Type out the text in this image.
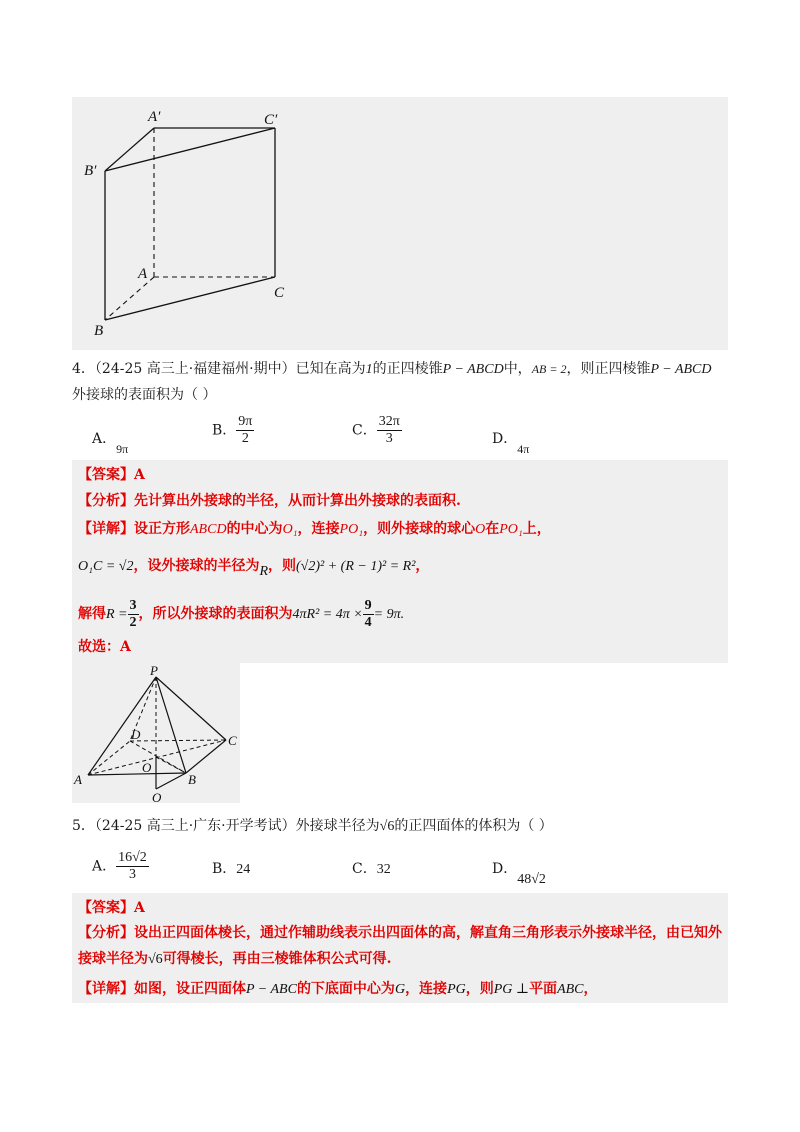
A′	C′
B′
A
C
B
4．（24-25 高三上·福建福州·期中）已知在高为1的正四棱锥P − ABCD中，AB = 2，则正四棱锥P − ABCD
外接球的表面积为（ ）
A．9π
B． $\frac{9\pi}{2}$	C． $\frac{32\pi}{3}$	D．4π
【答案】A
【分析】先计算出外接球的半径，从而计算出外接球的表面积.
【详解】设正方形ABCD的中心为O₁，连接PO₁，则外接球的球心O在PO₁上，
O₁C = √2，设外接球的半径为R，则(√2)² + (R − 1)² = R²，
解得$R = \frac{3}{2}$ ，所以外接球的表面积为$4\pi R^2 = 4\pi \times \frac{9}{4} = 9\pi$.
故选：A
P
D	C
O
A	B
O
5．（24-25 高三上·广东·开学考试）外接球半径为√6的正四面体的体积为（ ）
A． $\frac{16√2}{3}$	B．24	C．32	D．48√2
【答案】A
【分析】设出正四面体棱长，通过作辅助线表示出四面体的高，解直角三角形表示外接球半径，由已知外
接球半径为√6可得棱长，再由三棱锥体积公式可得.
【详解】如图，设正四面体P − ABC的下底面中心为G，连接PG，则PG ⊥平面ABC，
